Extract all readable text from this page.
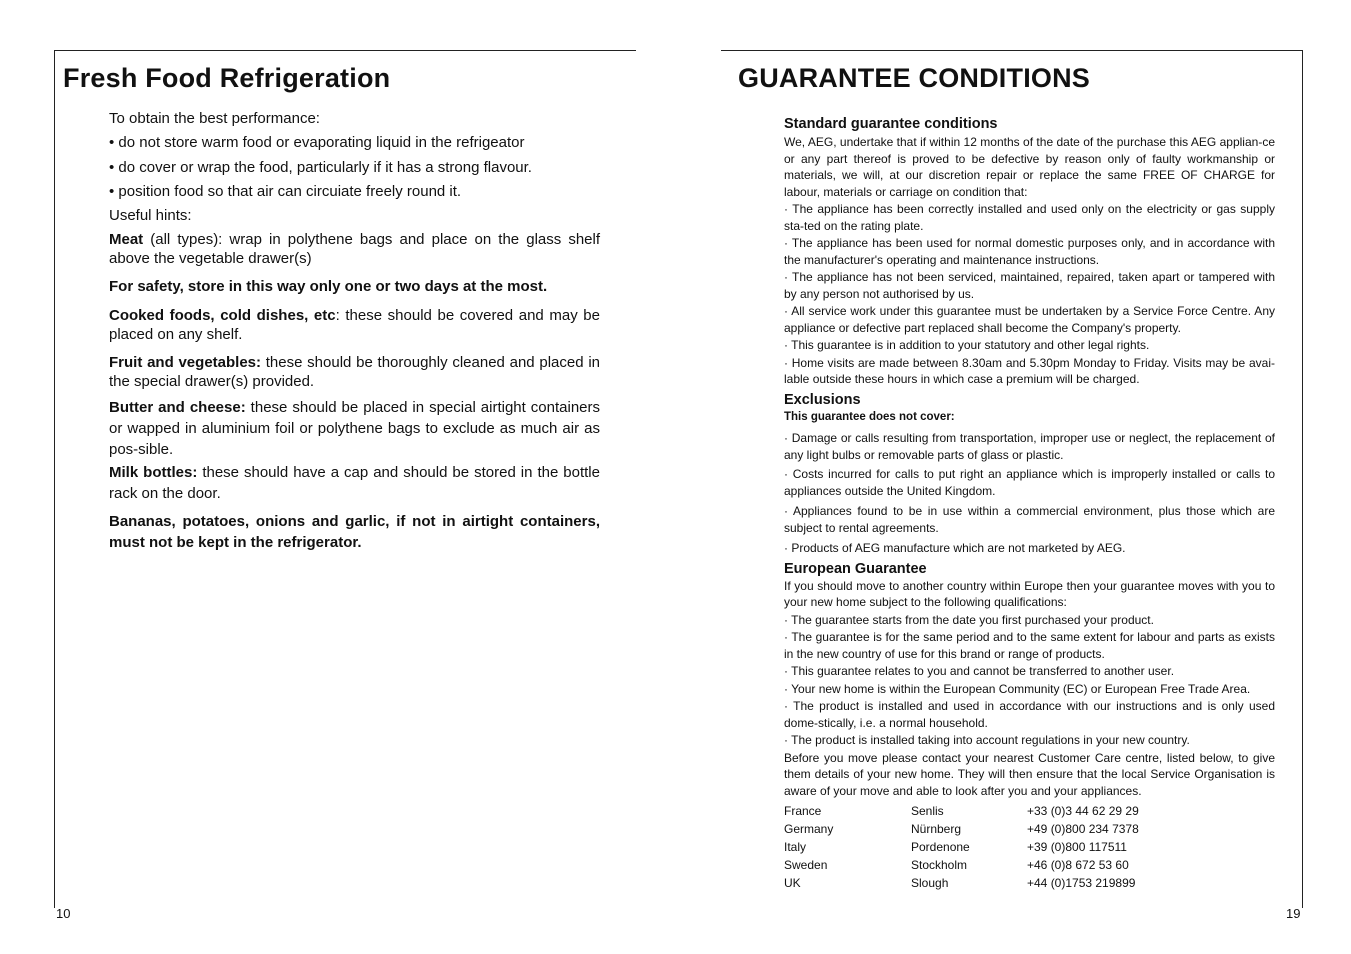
Fresh Food Refrigeration

To obtain the best performance:

• do not store warm food or evaporating liquid in the refrigeator

• do cover or wrap the food, particularly if it has a strong flavour.

• position food so that air can circuiate freely round it.

Useful hints:

Meat (all types): wrap in polythene bags and place on the glass shelf above the vegetable drawer(s)

For safety, store in this way only one or two days at the most.

Cooked foods, cold dishes, etc: these should be covered and may be placed on any shelf.

Fruit and vegetables: these should be thoroughly cleaned and placed in the special drawer(s) provided.

Butter and cheese: these should be placed in special airtight containers or wapped in aluminium foil or polythene bags to exclude as much air as pos-sible.

Milk bottles: these should have a cap and should be stored in the bottle rack on the door.

Bananas, potatoes, onions and garlic, if not in airtight containers, must not be kept in the refrigerator.

10
GUARANTEE CONDITIONS
Standard guarantee conditions

We, AEG, undertake that if within 12 months of the date of the purchase this AEG applian-ce or any part thereof is proved to be defective by reason only of faulty workmanship or materials, we will, at our discretion repair or replace the same FREE OF CHARGE for labour, materials or carriage on condition that:

· The appliance has been correctly installed and used only on the electricity or gas supply sta-ted on the rating plate.

· The appliance has been used for normal domestic purposes only, and in accordance with the manufacturer's operating and maintenance instructions.

· The appliance has not been serviced, maintained, repaired, taken apart or tampered with by any person not authorised by us.

· All service work under this guarantee must be undertaken by a Service Force Centre. Any appliance or defective part replaced shall become the Company's property.

· This guarantee is in addition to your statutory and other legal rights.

· Home visits are made between 8.30am and 5.30pm Monday to Friday. Visits may be avai-lable outside these hours in which case a premium will be charged.

Exclusions

This guarantee does not cover:

· Damage or calls resulting from transportation, improper use or neglect, the replacement of any light bulbs or removable parts of glass or plastic.

· Costs incurred for calls to put right an appliance which is improperly installed or calls to appliances outside the United Kingdom.

· Appliances found to be in use within a commercial environment, plus those which are subject to rental agreements.

· Products of AEG manufacture which are not marketed by AEG.

European Guarantee

If you should move to another country within Europe then your guarantee moves with you to your new home subject to the following qualifications:

· The guarantee starts from the date you first purchased your product.

· The guarantee is for the same period and to the same extent for labour and parts as exists in the new country of use for this brand or range of products.

· This guarantee relates to you and cannot be transferred to another user.

· Your new home is within the European Community (EC) or European Free Trade Area.

· The product is installed and used in accordance with our instructions and is only used dome-stically, i.e. a normal household.

· The product is installed taking into account regulations in your new country.

Before you move please contact your nearest Customer Care centre, listed below, to give them details of your new home. They will then ensure that the local Service Organisation is aware of your move and able to look after you and your appliances.

France	Senlis	+33 (0)3 44 62 29 29
Germany	Nürnberg	+49 (0)800 234 7378
Italy	Pordenone	+39 (0)800 117511
Sweden	Stockholm	+46 (0)8 672 53 60
UK	Slough	+44 (0)1753 219899
19
